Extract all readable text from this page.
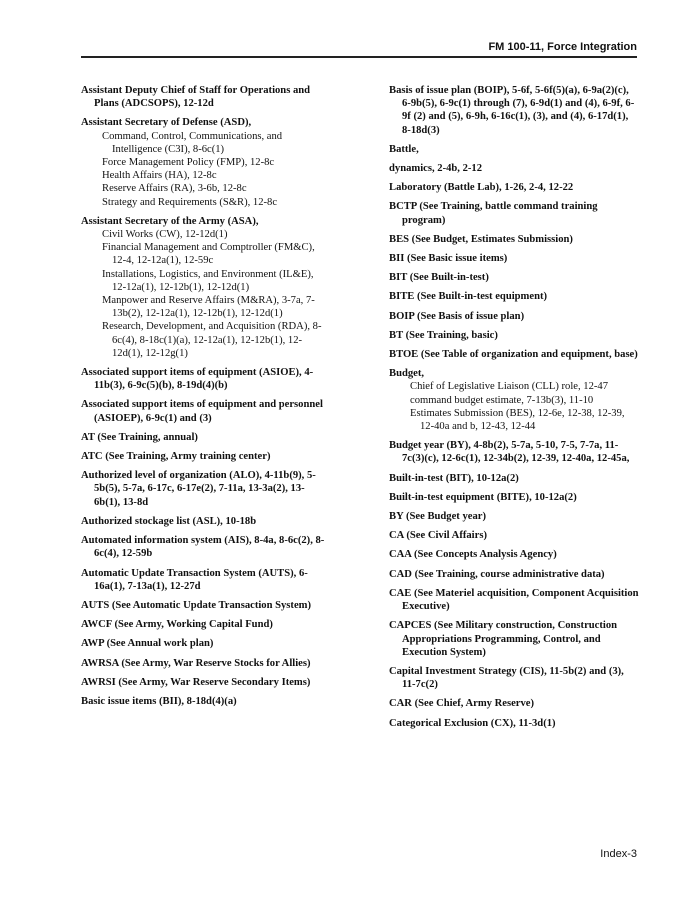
FM 100-11, Force Integration
Assistant Deputy Chief of Staff for Operations and Plans (ADCSOPS), 12-12d
Assistant Secretary of Defense (ASD),
Command, Control, Communications, and Intelligence (C3I), 8-6c(1)
Force Management Policy (FMP), 12-8c
Health Affairs (HA), 12-8c
Reserve Affairs (RA), 3-6b, 12-8c
Strategy and Requirements (S&R), 12-8c
Assistant Secretary of the Army (ASA),
Civil Works (CW), 12-12d(1)
Financial Management and Comptroller (FM&C), 12-4, 12-12a(1), 12-59c
Installations, Logistics, and Environment (IL&E), 12-12a(1), 12-12b(1), 12-12d(1)
Manpower and Reserve Affairs (M&RA), 3-7a, 7-13b(2), 12-12a(1), 12-12b(1), 12-12d(1)
Research, Development, and Acquisition (RDA), 8-6c(4), 8-18c(1)(a), 12-12a(1), 12-12b(1), 12-12d(1), 12-12g(1)
Associated support items of equipment (ASIOE), 4-11b(3), 6-9c(5)(b), 8-19d(4)(b)
Associated support items of equipment and personnel (ASIOEP), 6-9c(1) and (3)
AT (See Training, annual)
ATC (See Training, Army training center)
Authorized level of organization (ALO), 4-11b(9), 5-5b(5), 5-7a, 6-17c, 6-17e(2), 7-11a, 13-3a(2), 13-6b(1), 13-8d
Authorized stockage list (ASL), 10-18b
Automated information system (AIS), 8-4a, 8-6c(2), 8-6c(4), 12-59b
Automatic Update Transaction System (AUTS), 6-16a(1), 7-13a(1), 12-27d
AUTS (See Automatic Update Transaction System)
AWCF (See Army, Working Capital Fund)
AWP (See Annual work plan)
AWRSA (See Army, War Reserve Stocks for Allies)
AWRSI (See Army, War Reserve Secondary Items)
Basic issue items (BII), 8-18d(4)(a)
Basis of issue plan (BOIP), 5-6f, 5-6f(5)(a), 6-9a(2)(c), 6-9b(5), 6-9c(1) through (7), 6-9d(1) and (4), 6-9f, 6-9f (2) and (5), 6-9h, 6-16c(1), (3), and (4), 6-17d(1), 8-18d(3)
Battle,
dynamics, 2-4b, 2-12
Laboratory (Battle Lab), 1-26, 2-4, 12-22
BCTP (See Training, battle command training program)
BES (See Budget, Estimates Submission)
BII (See Basic issue items)
BIT (See Built-in-test)
BITE (See Built-in-test equipment)
BOIP (See Basis of issue plan)
BT (See Training, basic)
BTOE (See Table of organization and equipment, base)
Budget,
Chief of Legislative Liaison (CLL) role, 12-47
command budget estimate, 7-13b(3), 11-10
Estimates Submission (BES), 12-6e, 12-38, 12-39, 12-40a and b, 12-43, 12-44
Budget year (BY), 4-8b(2), 5-7a, 5-10, 7-5, 7-7a, 11-7c(3)(c), 12-6c(1), 12-34b(2), 12-39, 12-40a, 12-45a,
Built-in-test (BIT), 10-12a(2)
Built-in-test equipment (BITE), 10-12a(2)
BY (See Budget year)
CA (See Civil Affairs)
CAA (See Concepts Analysis Agency)
CAD (See Training, course administrative data)
CAE (See Materiel acquisition, Component Acquisition Executive)
CAPCES (See Military construction, Construction Appropriations Programming, Control, and Execution System)
Capital Investment Strategy (CIS), 11-5b(2) and (3), 11-7c(2)
CAR (See Chief, Army Reserve)
Categorical Exclusion (CX), 11-3d(1)
Index-3
